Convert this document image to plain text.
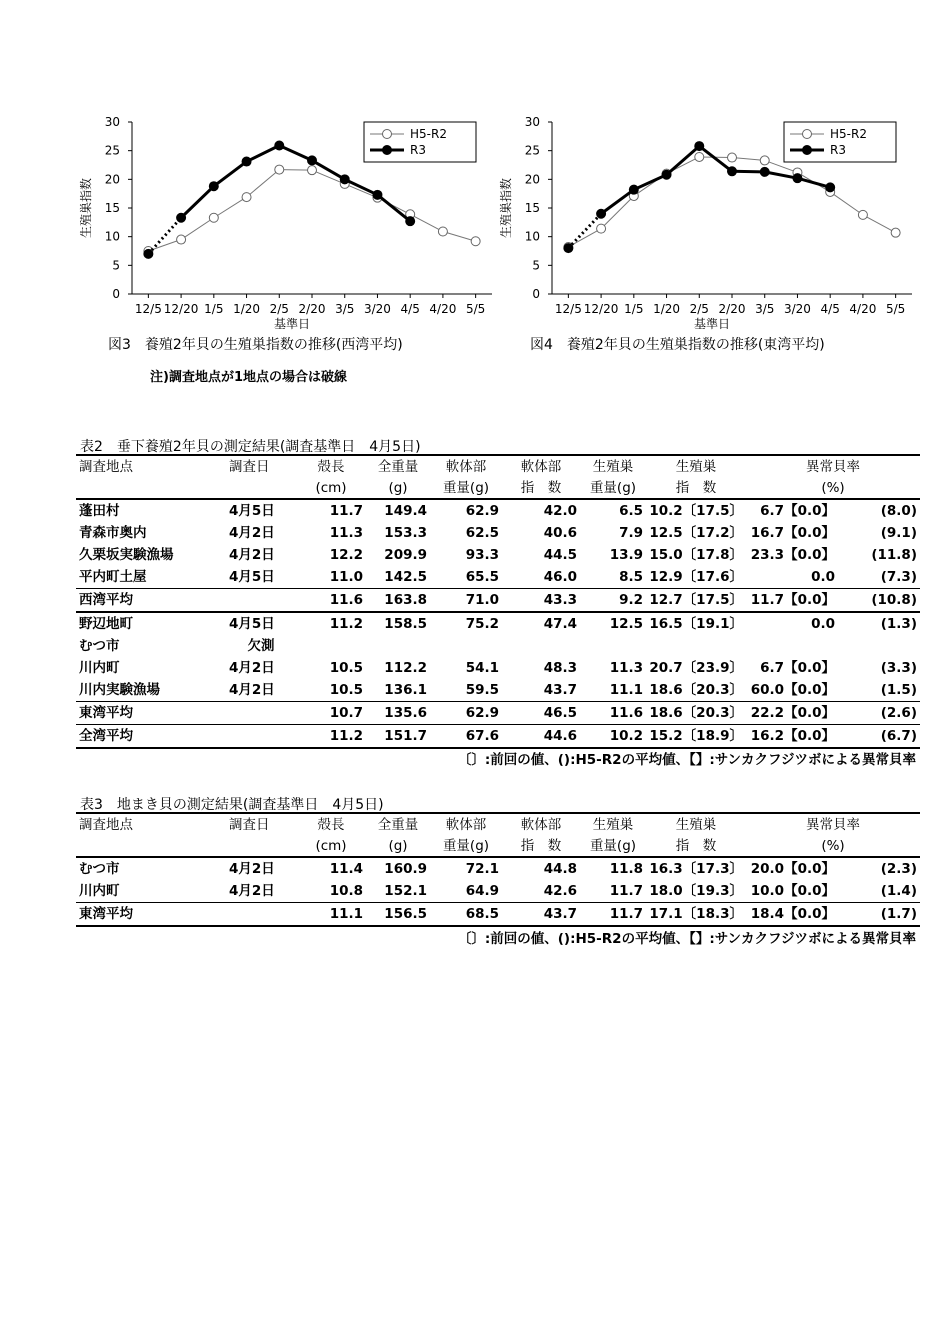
0
5
10
15
20
25
30
12/5 12/20 1/5 1/20 2/5 2/20 3/5 3/20 4/5 4/20 5/5
基準日
生殖巣指数
H5-R2
R3
図3　養殖2年貝の生殖巣指数の推移(西湾平均)
0
5
10
15
20
25
30
12/5 12/20 1/5 1/20 2/5 2/20 3/5 3/20 4/5 4/20 5/5
基準日
生殖巣指数
H5-R2
R3
図4　養殖2年貝の生殖巣指数の推移(東湾平均)
注)調査地点が1地点の場合は破線
表2　垂下養殖2年貝の測定結果(調査基準日　4月5日)
調査地点	調査日	殻長	全重量	軟体部	軟体部	生殖巣	生殖巣	異常貝率	
		(cm)	(g)	重量(g)	指　数	重量(g)	指　数	(%)	
蓬田村	4月5日	11.7	149.4	62.9	42.0	6.5	10.2〔17.5〕	6.7【0.0】	(8.0)
青森市奥内	4月2日	11.3	153.3	62.5	40.6	7.9	12.5〔17.2〕	16.7【0.0】	(9.1)
久栗坂実験漁場	4月2日	12.2	209.9	93.3	44.5	13.9	15.0〔17.8〕	23.3【0.0】	(11.8)
平内町土屋	4月5日	11.0	142.5	65.5	46.0	8.5	12.9〔17.6〕	0.0	(7.3)
西湾平均		11.6	163.8	71.0	43.3	9.2	12.7〔17.5〕	11.7【0.0】	(10.8)
野辺地町	4月5日	11.2	158.5	75.2	47.4	12.5	16.5〔19.1〕	0.0	(1.3)
むつ市	欠測								
川内町	4月2日	10.5	112.2	54.1	48.3	11.3	20.7〔23.9〕	6.7【0.0】	(3.3)
川内実験漁場	4月2日	10.5	136.1	59.5	43.7	11.1	18.6〔20.3〕	60.0【0.0】	(1.5)
東湾平均		10.7	135.6	62.9	46.5	11.6	18.6〔20.3〕	22.2【0.0】	(2.6)
全湾平均		11.2	151.7	67.6	44.6	10.2	15.2〔18.9〕	16.2【0.0】	(6.7)
〔〕:前回の値、():H5-R2の平均値、【】:サンカクフジツボによる異常貝率
表3　地まき貝の測定結果(調査基準日　4月5日)
調査地点	調査日	殻長	全重量	軟体部	軟体部	生殖巣	生殖巣	異常貝率	
		(cm)	(g)	重量(g)	指　数	重量(g)	指　数	(%)	
むつ市	4月2日	11.4	160.9	72.1	44.8	11.8	16.3〔17.3〕	20.0【0.0】	(2.3)
川内町	4月2日	10.8	152.1	64.9	42.6	11.7	18.0〔19.3〕	10.0【0.0】	(1.4)
東湾平均		11.1	156.5	68.5	43.7	11.7	17.1〔18.3〕	18.4【0.0】	(1.7)
〔〕:前回の値、():H5-R2の平均値、【】:サンカクフジツボによる異常貝率
